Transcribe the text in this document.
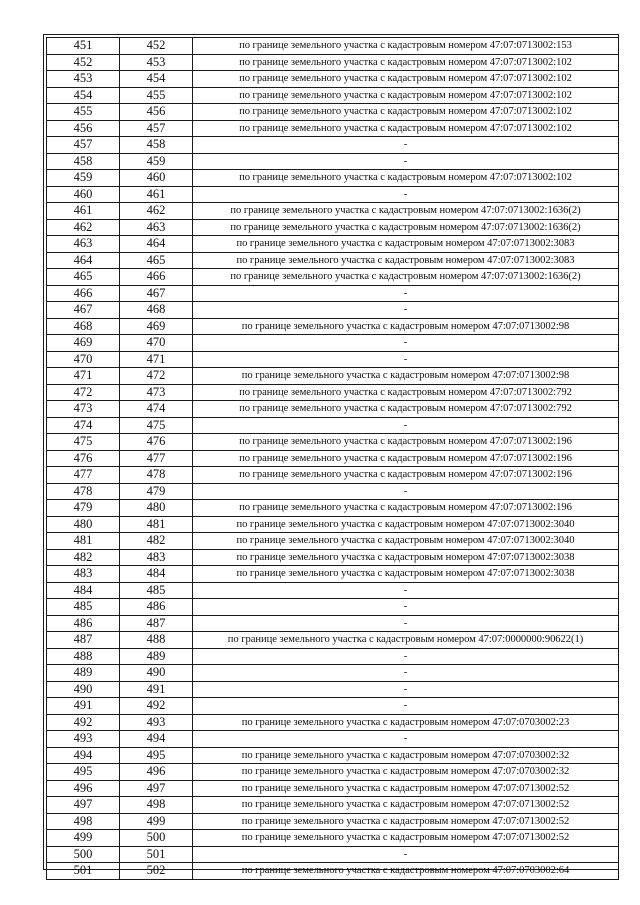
451	452	по границе земельного участка с кадастровым номером 47:07:0713002:153
452	453	по границе земельного участка с кадастровым номером 47:07:0713002:102
453	454	по границе земельного участка с кадастровым номером 47:07:0713002:102
454	455	по границе земельного участка с кадастровым номером 47:07:0713002:102
455	456	по границе земельного участка с кадастровым номером 47:07:0713002:102
456	457	по границе земельного участка с кадастровым номером 47:07:0713002:102
457	458	-
458	459	-
459	460	по границе земельного участка с кадастровым номером 47:07:0713002:102
460	461	-
461	462	по границе земельного участка с кадастровым номером 47:07:0713002:1636(2)
462	463	по границе земельного участка с кадастровым номером 47:07:0713002:1636(2)
463	464	по границе земельного участка с кадастровым номером 47:07:0713002:3083
464	465	по границе земельного участка с кадастровым номером 47:07:0713002:3083
465	466	по границе земельного участка с кадастровым номером 47:07:0713002:1636(2)
466	467	-
467	468	-
468	469	по границе земельного участка с кадастровым номером 47:07:0713002:98
469	470	-
470	471	-
471	472	по границе земельного участка с кадастровым номером 47:07:0713002:98
472	473	по границе земельного участка с кадастровым номером 47:07:0713002:792
473	474	по границе земельного участка с кадастровым номером 47:07:0713002:792
474	475	-
475	476	по границе земельного участка с кадастровым номером 47:07:0713002:196
476	477	по границе земельного участка с кадастровым номером 47:07:0713002:196
477	478	по границе земельного участка с кадастровым номером 47:07:0713002:196
478	479	-
479	480	по границе земельного участка с кадастровым номером 47:07:0713002:196
480	481	по границе земельного участка с кадастровым номером 47:07:0713002:3040
481	482	по границе земельного участка с кадастровым номером 47:07:0713002:3040
482	483	по границе земельного участка с кадастровым номером 47:07:0713002:3038
483	484	по границе земельного участка с кадастровым номером 47:07:0713002:3038
484	485	-
485	486	-
486	487	-
487	488	по границе земельного участка с кадастровым номером 47:07:0000000:90622(1)
488	489	-
489	490	-
490	491	-
491	492	-
492	493	по границе земельного участка с кадастровым номером 47:07:0703002:23
493	494	-
494	495	по границе земельного участка с кадастровым номером 47:07:0703002:32
495	496	по границе земельного участка с кадастровым номером 47:07:0703002:32
496	497	по границе земельного участка с кадастровым номером 47:07:0713002:52
497	498	по границе земельного участка с кадастровым номером 47:07:0713002:52
498	499	по границе земельного участка с кадастровым номером 47:07:0713002:52
499	500	по границе земельного участка с кадастровым номером 47:07:0713002:52
500	501	-
501	502	по границе земельного участка с кадастровым номером 47:07:0703002:64
